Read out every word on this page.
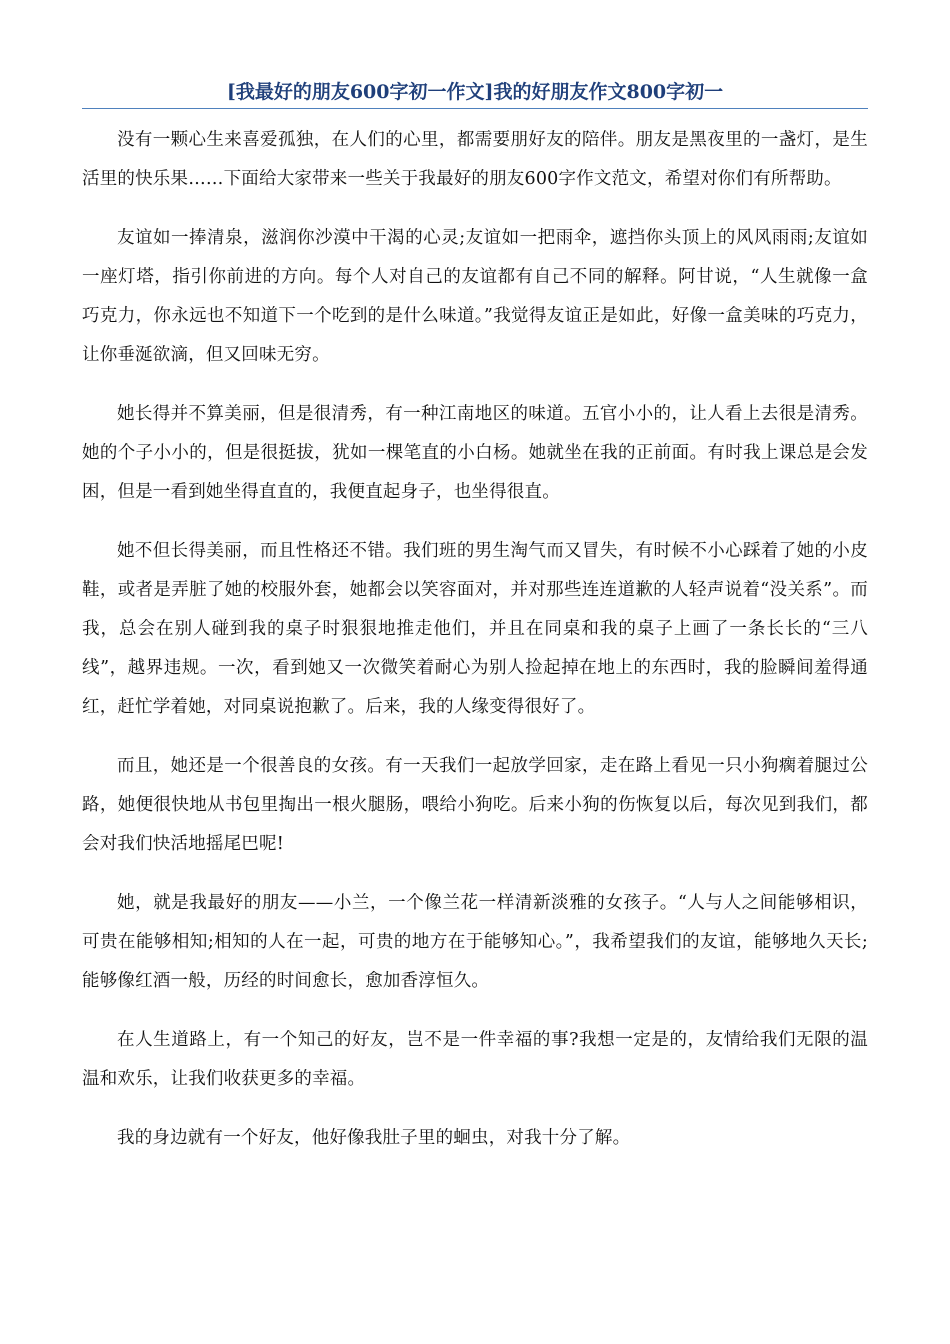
[我最好的朋友600字初一作文]我的好朋友作文800字初一

没有一颗心生来喜爱孤独，在人们的心里，都需要朋好友的陪伴。朋友是黑夜里的一盏灯，是生活里的快乐果……下面给大家带来一些关于我最好的朋友600字作文范文，希望对你们有所帮助。

友谊如一捧清泉，滋润你沙漠中干渴的心灵;友谊如一把雨伞，遮挡你头顶上的风风雨雨;友谊如一座灯塔，指引你前进的方向。每个人对自己的友谊都有自己不同的解释。阿甘说，“人生就像一盒巧克力，你永远也不知道下一个吃到的是什么味道。”我觉得友谊正是如此，好像一盒美味的巧克力，让你垂涎欲滴，但又回味无穷。

她长得并不算美丽，但是很清秀，有一种江南地区的味道。五官小小的，让人看上去很是清秀。她的个子小小的，但是很挺拔，犹如一棵笔直的小白杨。她就坐在我的正前面。有时我上课总是会发困，但是一看到她坐得直直的，我便直起身子，也坐得很直。

她不但长得美丽，而且性格还不错。我们班的男生淘气而又冒失，有时候不小心踩着了她的小皮鞋，或者是弄脏了她的校服外套，她都会以笑容面对，并对那些连连道歉的人轻声说着“没关系”。而我，总会在别人碰到我的桌子时狠狠地推走他们，并且在同桌和我的桌子上画了一条长长的“三八线”，越界违规。一次，看到她又一次微笑着耐心为别人捡起掉在地上的东西时，我的脸瞬间羞得通红，赶忙学着她，对同桌说抱歉了。后来，我的人缘变得很好了。

而且，她还是一个很善良的女孩。有一天我们一起放学回家，走在路上看见一只小狗瘸着腿过公路，她便很快地从书包里掏出一根火腿肠，喂给小狗吃。后来小狗的伤恢复以后，每次见到我们，都会对我们快活地摇尾巴呢!

她，就是我最好的朋友——小兰，一个像兰花一样清新淡雅的女孩子。“人与人之间能够相识，可贵在能够相知;相知的人在一起，可贵的地方在于能够知心。”，我希望我们的友谊，能够地久天长;能够像红酒一般，历经的时间愈长，愈加香淳恒久。

在人生道路上，有一个知己的好友，岂不是一件幸福的事?我想一定是的，友情给我们无限的温温和欢乐，让我们收获更多的幸福。

我的身边就有一个好友，他好像我肚子里的蛔虫，对我十分了解。
